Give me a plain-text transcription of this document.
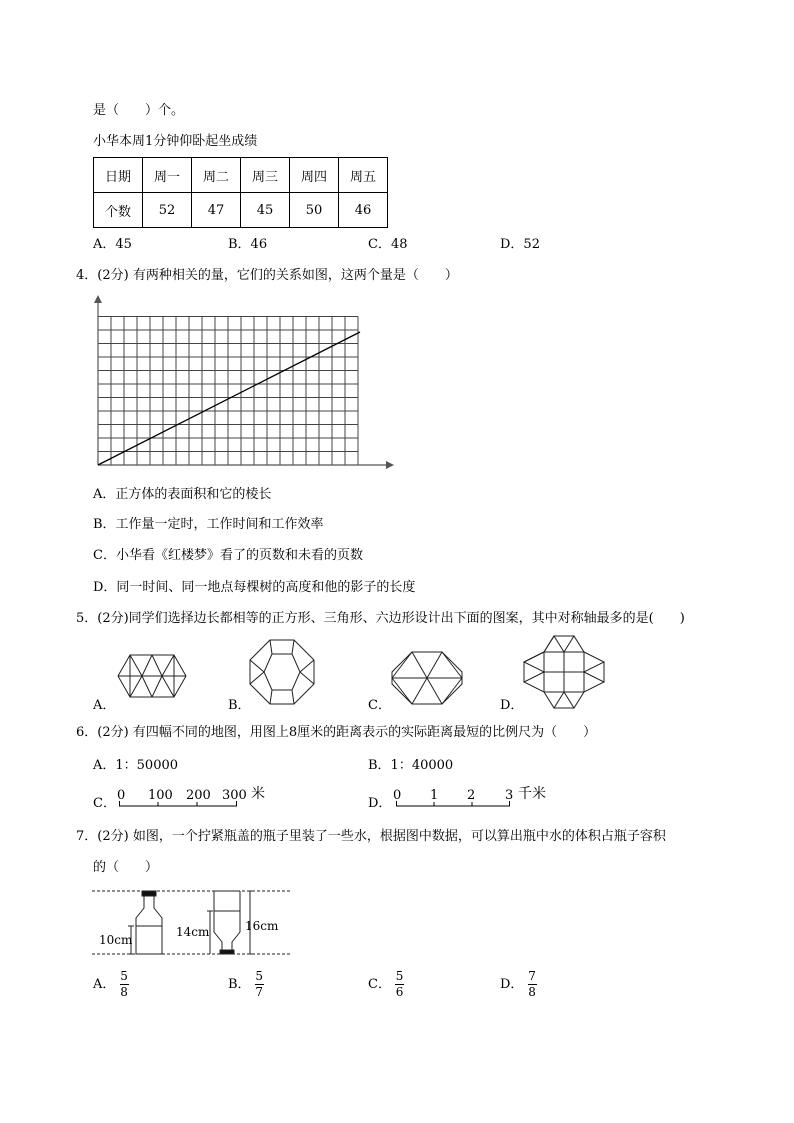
是（　　）个。
小华本周1分钟仰卧起坐成绩
日期	周一	周二	周三	周四	周五
个数	52	47	45	50	46
A．45	B．46	C．48	D．52
4．(2分) 有两种相关的量，它们的关系如图，这两个量是（　　）
A．正方体的表面积和它的棱长
B．工作量一定时，工作时间和工作效率
C．小华看《红楼梦》看了的页数和未看的页数
D．同一时间、同一地点每棵树的高度和他的影子的长度
5．(2分)同学们选择边长都相等的正方形、三角形、六边形设计出下面的图案，其中对称轴最多的是(　　)
A．	B．	C．	D．
6．(2分) 有四幅不同的地图，用图上8厘米的距离表示的实际距离最短的比例尺为（　　）
A．1：50000	B．1：40000
C．
0 100 200 300 米
D．
0 1 2 3 千米
7．(2分) 如图，一个拧紧瓶盖的瓶子里装了一些水，根据图中数据，可以算出瓶中水的体积占瓶子容积
的（　　）
10cm
14cm	16cm
A． $\frac{5}{8}$	B． $\frac{5}{7}$	C． $\frac{5}{6}$	D． $\frac{7}{8}$
